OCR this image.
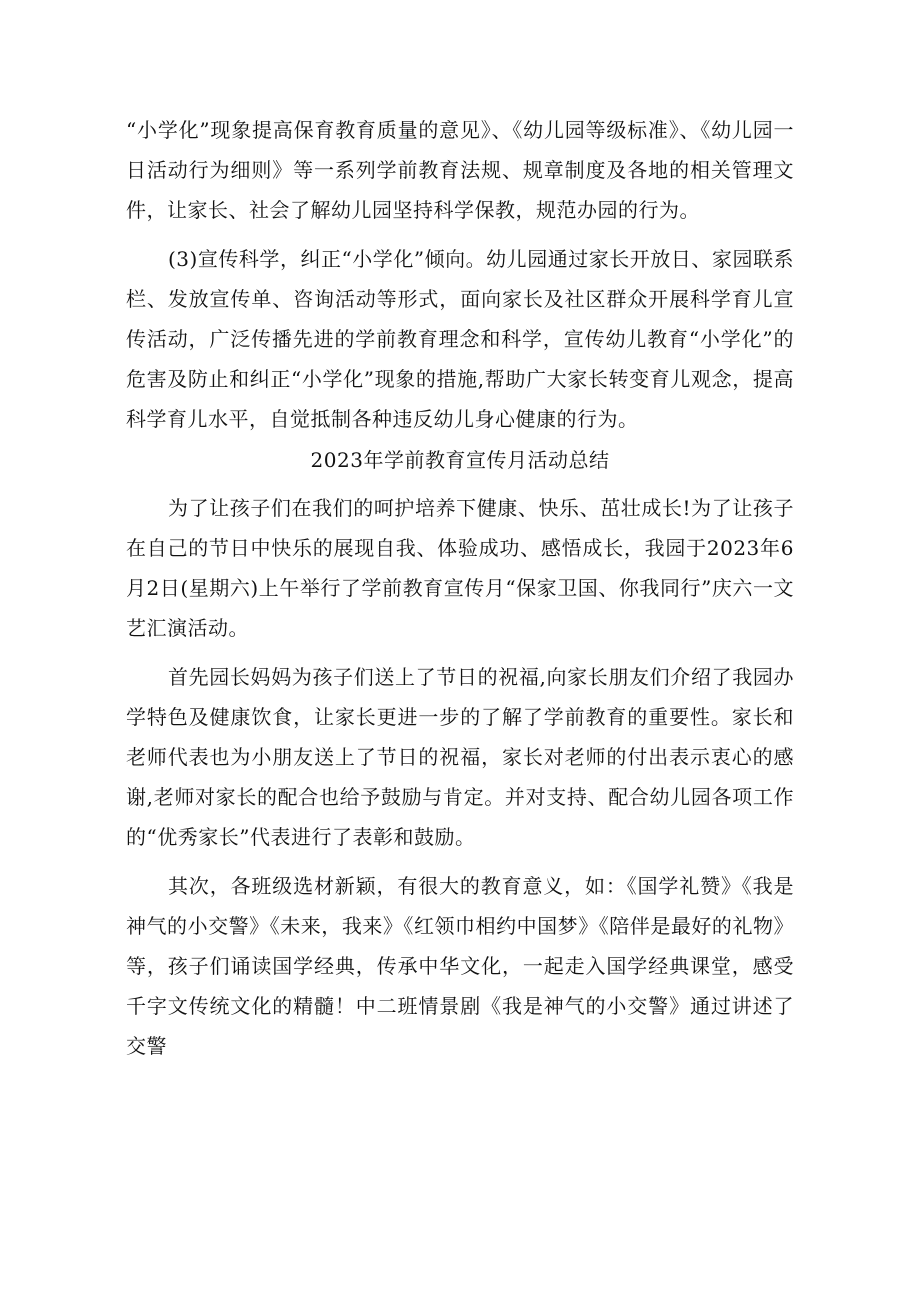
“小学化”现象提高保育教育质量的意见》、《幼儿园等级标准》、《幼儿园一日活动行为细则》等一系列学前教育法规、规章制度及各地的相关管理文件，让家长、社会了解幼儿园坚持科学保教，规范办园的行为。

(3)宣传科学，纠正“小学化”倾向。幼儿园通过家长开放日、家园联系栏、发放宣传单、咨询活动等形式，面向家长及社区群众开展科学育儿宣传活动，广泛传播先进的学前教育理念和科学，宣传幼儿教育“小学化”的危害及防止和纠正“小学化”现象的措施,帮助广大家长转变育儿观念，提高科学育儿水平，自觉抵制各种违反幼儿身心健康的行为。

2023年学前教育宣传月活动总结

为了让孩子们在我们的呵护培养下健康、快乐、茁壮成长!为了让孩子在自己的节日中快乐的展现自我、体验成功、感悟成长，我园于2023年6月2日(星期六)上午举行了学前教育宣传月“保家卫国、你我同行”庆六一文艺汇演活动。

首先园长妈妈为孩子们送上了节日的祝福,向家长朋友们介绍了我园办学特色及健康饮食，让家长更进一步的了解了学前教育的重要性。家长和老师代表也为小朋友送上了节日的祝福，家长对老师的付出表示衷心的感谢,老师对家长的配合也给予鼓励与肯定。并对支持、配合幼儿园各项工作的“优秀家长”代表进行了表彰和鼓励。

其次，各班级选材新颖，有很大的教育意义，如：《国学礼赞》《我是神气的小交警》《未来，我来》《红领巾相约中国梦》《陪伴是最好的礼物》等，孩子们诵读国学经典，传承中华文化，一起走入国学经典课堂，感受千字文传统文化的精髓！中二班情景剧《我是神气的小交警》通过讲述了交警
